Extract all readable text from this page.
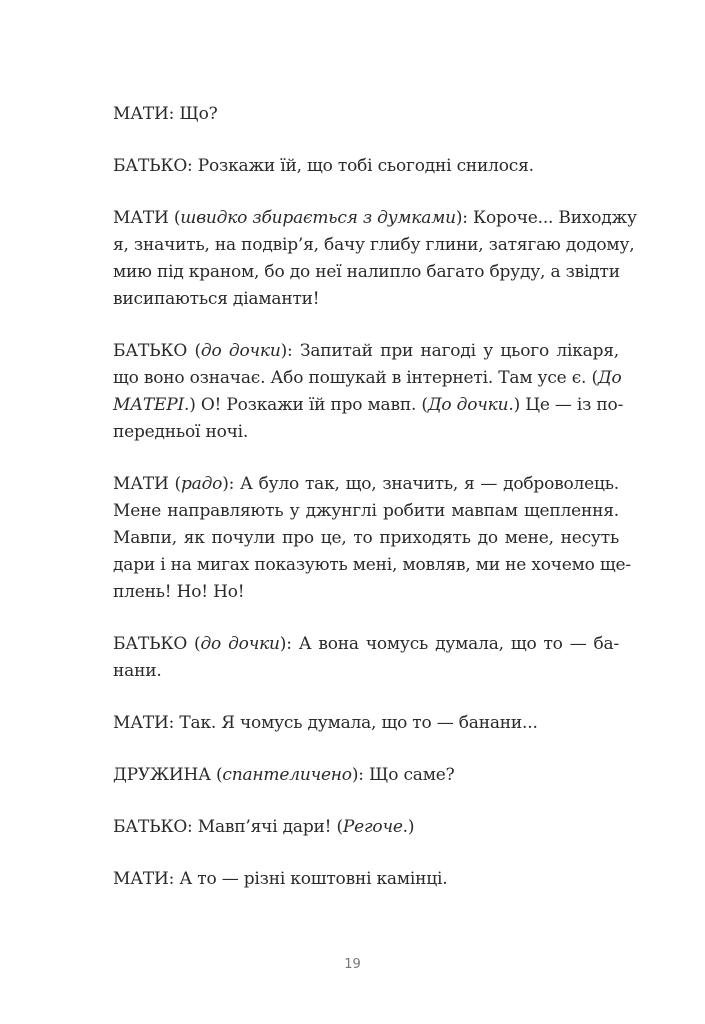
МАТИ: Що?
БАТЬКО: Розкажи їй, що тобі сьогодні снилося.
МАТИ (швидко збирається з думками): Короче... Виходжу
я, значить, на подвір’я, бачу глибу глини, затягаю додому,
мию під краном, бо до неї налипло багато бруду, а звідти
висипаються діаманти!
БАТЬКО (до дочки): Запитай при нагоді у цього лікаря,
що воно означає. Або пошукай в інтернеті. Там усе є. (До
МАТЕРІ.) О! Розкажи їй про мавп. (До дочки.) Це — із по-
передньої ночі.
МАТИ (радо): А було так, що, значить, я — доброволець.
Мене направляють у джунглі робити мавпам щеплення.
Мавпи, як почули про це, то приходять до мене, несуть
дари і на мигах показують мені, мовляв, ми не хочемо ще-
плень! Но! Но!
БАТЬКО (до дочки): А вона чомусь думала, що то — ба-
нани.
МАТИ: Так. Я чомусь думала, що то — банани...
ДРУЖИНА (спантеличено): Що саме?
БАТЬКО: Мавп’ячі дари! (Регоче.)
МАТИ: А то — різні коштовні камінці.
19
